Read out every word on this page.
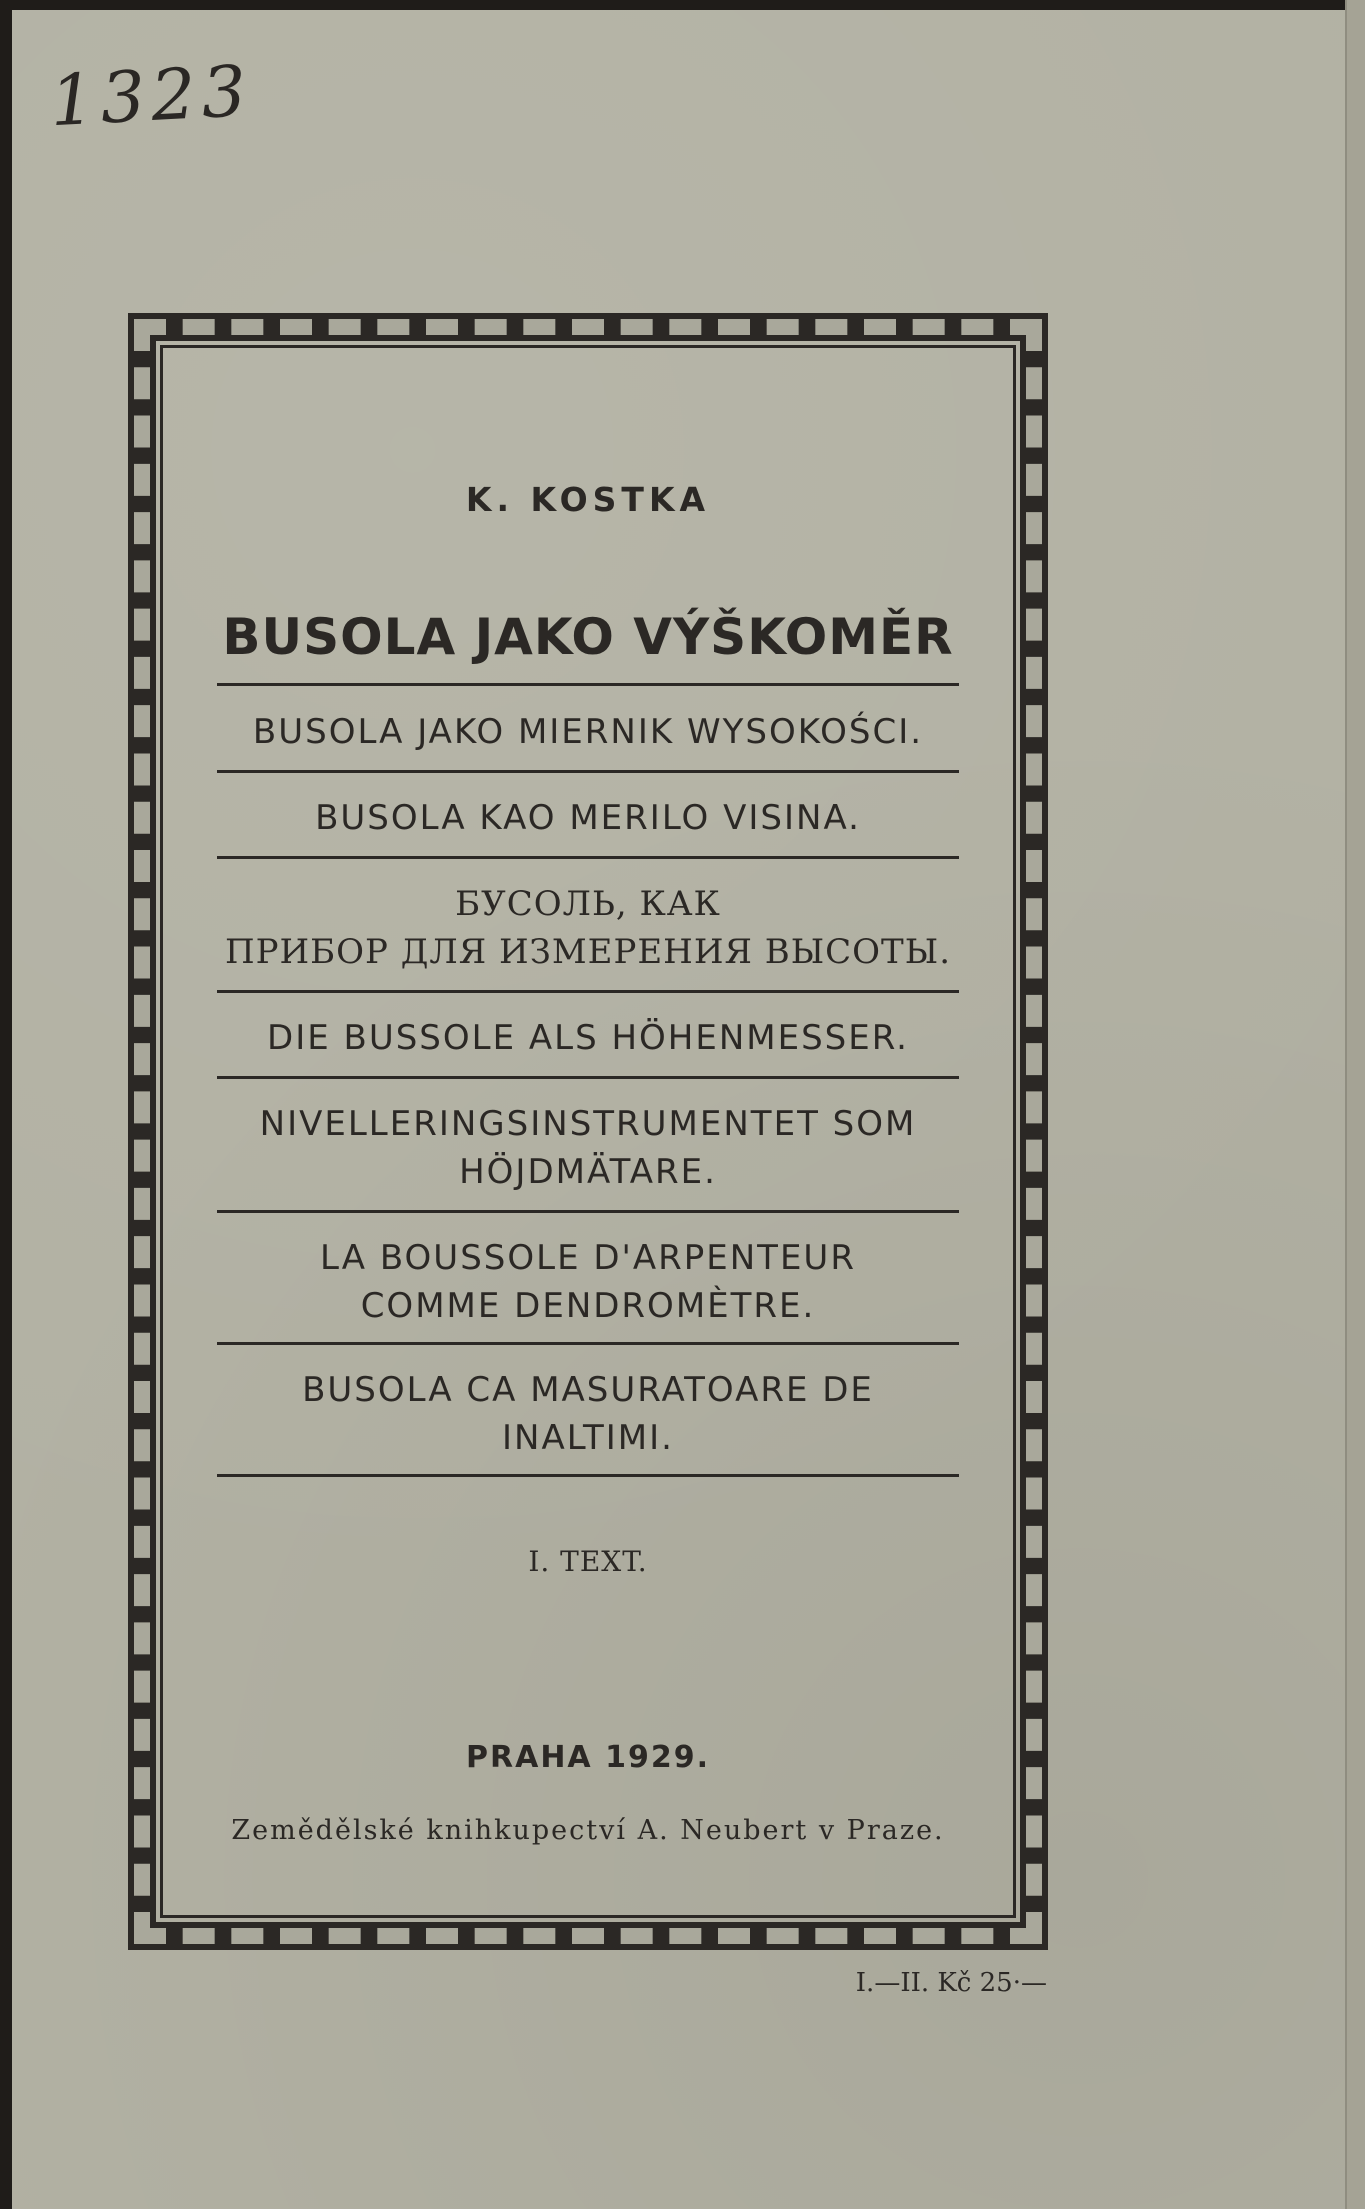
1323
K. KOSTKA
BUSOLA JAKO VÝŠKOMĚR
BUSOLA JAKO MIERNIK WYSOKOŚCI.
BUSOLA KAO MERILO VISINA.
БУСОЛЬ, КАК
ПРИБОР ДЛЯ ИЗМЕРЕНИЯ ВЫСОТЫ.
DIE BUSSOLE ALS HÖHENMESSER.
NIVELLERINGSINSTRUMENTET SOM
HÖJDMÄTARE.
LA BOUSSOLE D'ARPENTEUR
COMME DENDROMÈTRE.
BUSOLA CA MASURATOARE DE
INALTIMI.
I. TEXT.
PRAHA 1929.
Zemědělské knihkupectví A. Neubert v Praze.
I.—II. Kč 25·—
